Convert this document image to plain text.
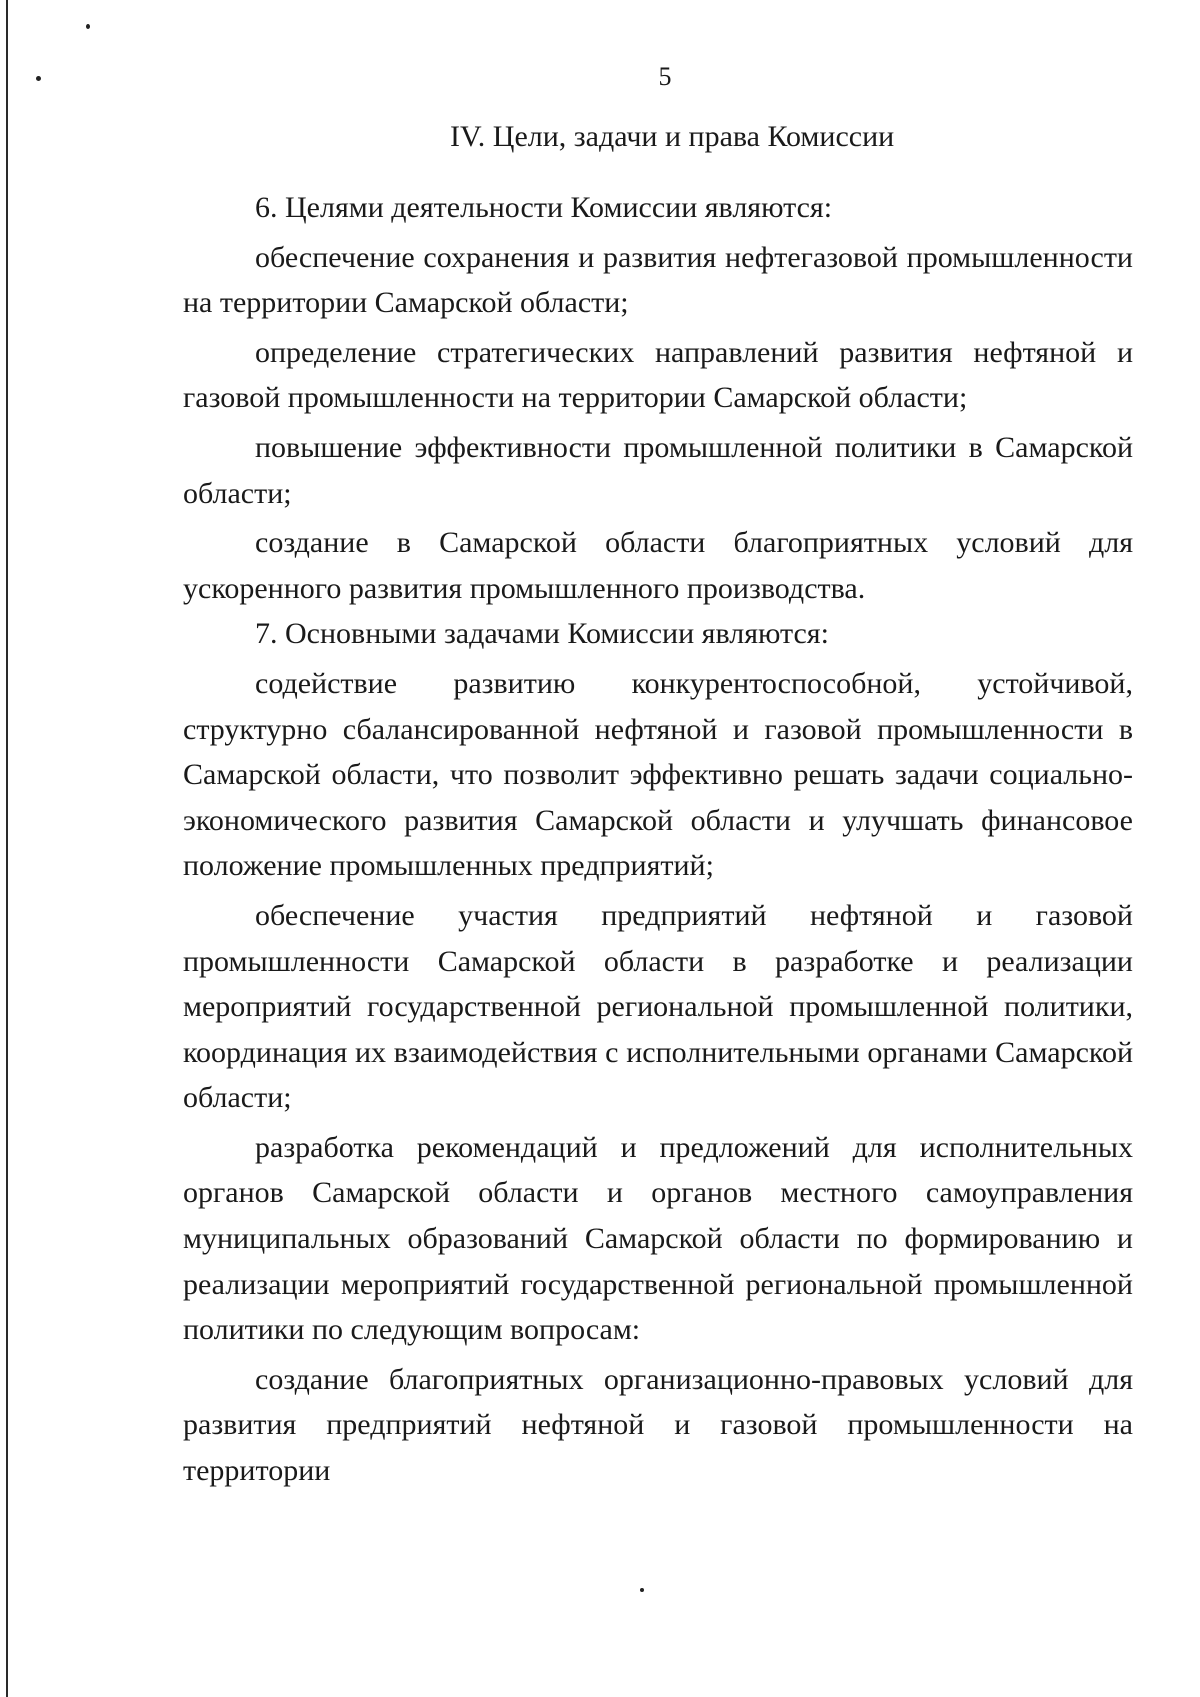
5
IV. Цели, задачи и права Комиссии

6. Целями деятельности Комиссии являются:

обеспечение сохранения и развития нефтегазовой промышленности на территории Самарской области;

определение стратегических направлений развития нефтяной и газовой промышленности на территории Самарской области;

повышение эффективности промышленной политики в Самарской области;

создание в Самарской области благоприятных условий для ускоренного развития промышленного производства.

7. Основными задачами Комиссии являются:

содействие развитию конкурентоспособной, устойчивой, структурно сбалансированной нефтяной и газовой промышленности в Самарской области, что позволит эффективно решать задачи социально-экономического развития Самарской области и улучшать финансовое положение промышленных предприятий;

обеспечение участия предприятий нефтяной и газовой промышленности Самарской области в разработке и реализации мероприятий государственной региональной промышленной политики, координация их взаимодействия с исполнительными органами Самарской области;

разработка рекомендаций и предложений для исполнительных органов Самарской области и органов местного самоуправления муниципальных образований Самарской области по формированию и реализации мероприятий государственной региональной промышленной политики по следующим вопросам:

создание благоприятных организационно-правовых условий для развития предприятий нефтяной и газовой промышленности на территории
